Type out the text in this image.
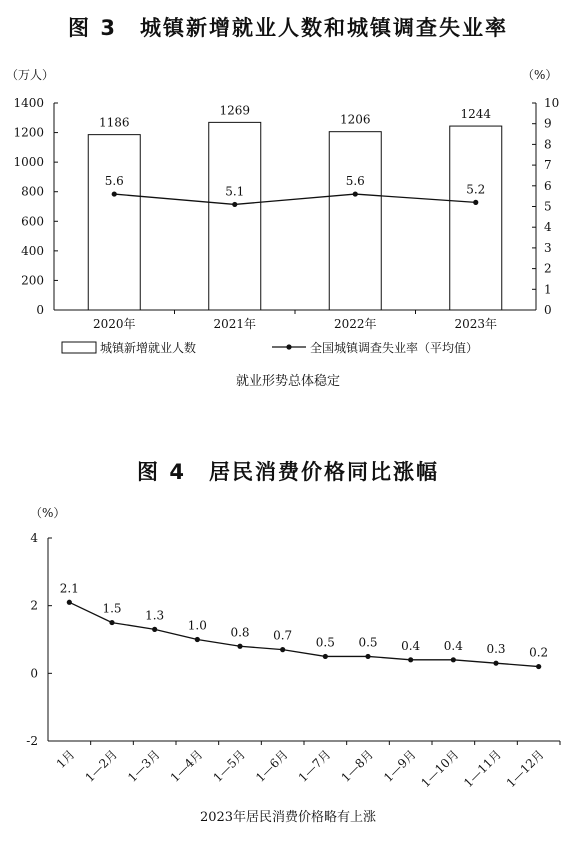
图 3　城镇新增就业人数和城镇调查失业率
（万人）	（%）
0
200
400
600
800
1000
1200
1400
0
1
2
3
4
5
6
7
8
9
10
2020年	2021年	2022年	2023年
1186
1269
1206	1244
5.6
5.1
5.6
5.2
城镇新增就业人数	全国城镇调查失业率（平均值）
就业形势总体稳定
图 4　居民消费价格同比涨幅
（%）
-2
0
2
4
1月 1—2月 1—3月 1—4月 1—5月 1—6月 1—7月 1—8月 1—9月 1—10月 1—11月 1—12月
2.1
1.5 1.3
1.0 0.8 0.7 0.5 0.5 0.4 0.4 0.3 0.2
2023年居民消费价格略有上涨
